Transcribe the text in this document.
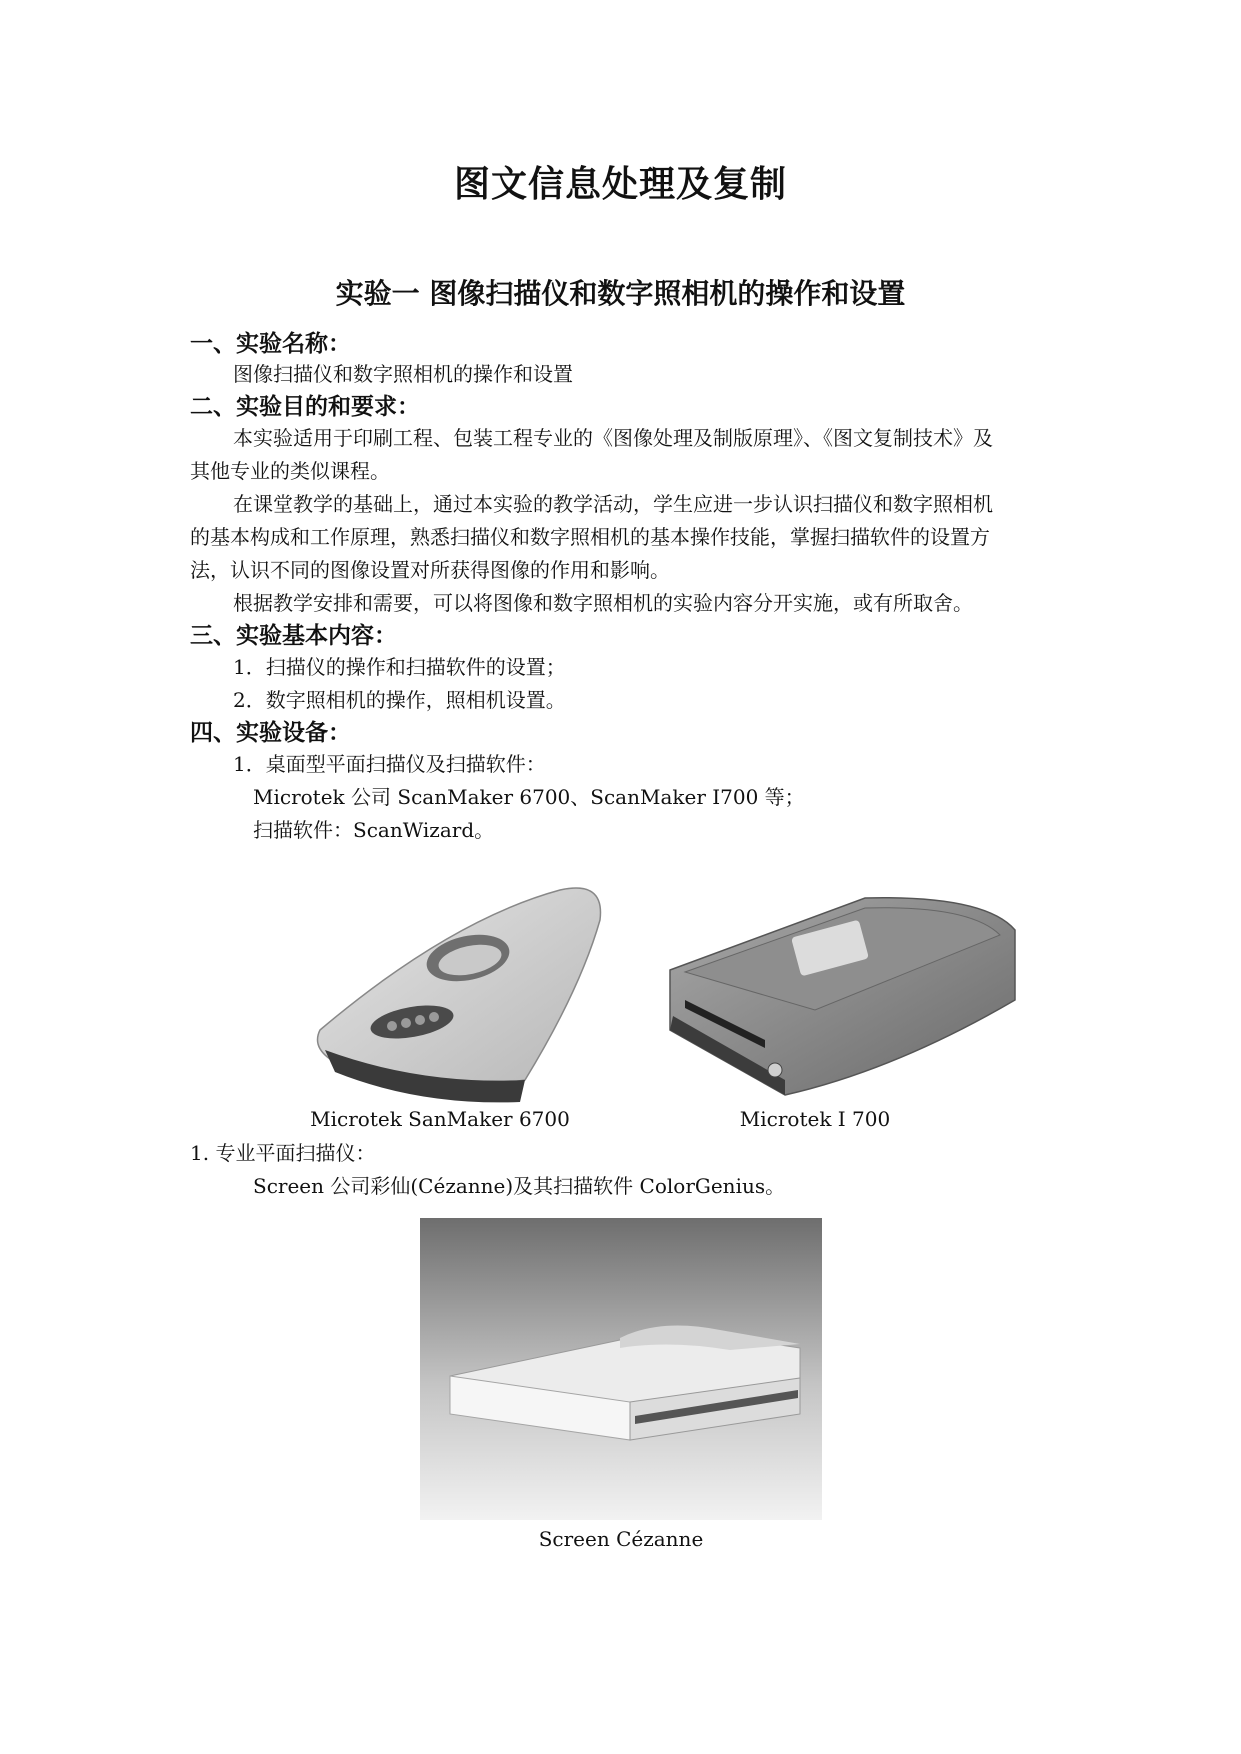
图文信息处理及复制
实验一 图像扫描仪和数字照相机的操作和设置
一、实验名称：
图像扫描仪和数字照相机的操作和设置
二、实验目的和要求：
本实验适用于印刷工程、包装工程专业的《图像处理及制版原理》、《图文复制技术》及
其他专业的类似课程。
在课堂教学的基础上，通过本实验的教学活动，学生应进一步认识扫描仪和数字照相机
的基本构成和工作原理，熟悉扫描仪和数字照相机的基本操作技能，掌握扫描软件的设置方
法，认识不同的图像设置对所获得图像的作用和影响。
根据教学安排和需要，可以将图像和数字照相机的实验内容分开实施，或有所取舍。
三、实验基本内容：
1．扫描仪的操作和扫描软件的设置；
2．数字照相机的操作，照相机设置。
四、实验设备：
1．桌面型平面扫描仪及扫描软件：
Microtek 公司 ScanMaker 6700、ScanMaker I700 等；
扫描软件：ScanWizard。
Microtek SanMaker 6700	Microtek I 700
1. 专业平面扫描仪：
Screen 公司彩仙(Cézanne)及其扫描软件 ColorGenius。
Screen Cézanne
